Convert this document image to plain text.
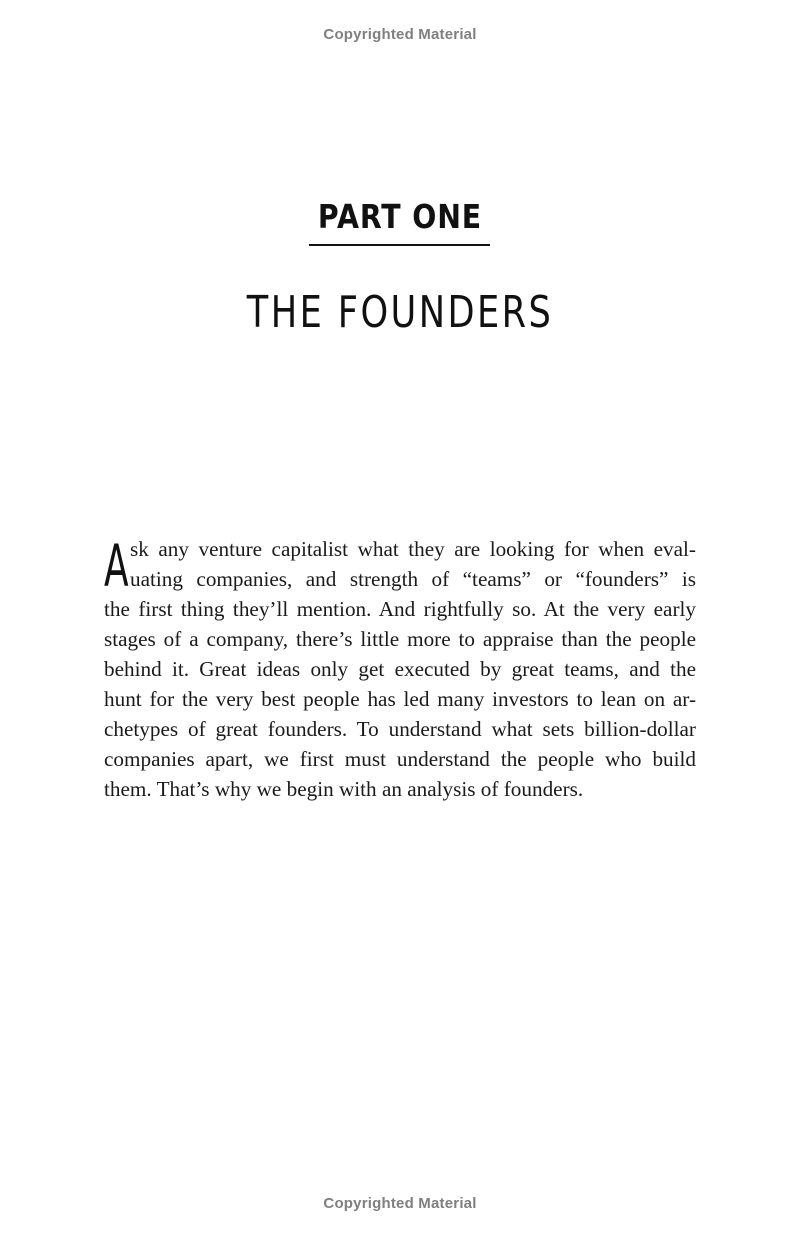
Copyrighted Material
PART ONE
THE FOUNDERS
A sk any venture capitalist what they are looking for when eval-
uating companies, and strength of “teams” or “founders” is
the first thing they’ll mention. And rightfully so. At the very early
stages of a company, there’s little more to appraise than the people
behind it. Great ideas only get executed by great teams, and the
hunt for the very best people has led many investors to lean on ar-
chetypes of great founders. To understand what sets billion-dollar
companies apart, we first must understand the people who build
them. That’s why we begin with an analysis of founders.
Copyrighted Material
